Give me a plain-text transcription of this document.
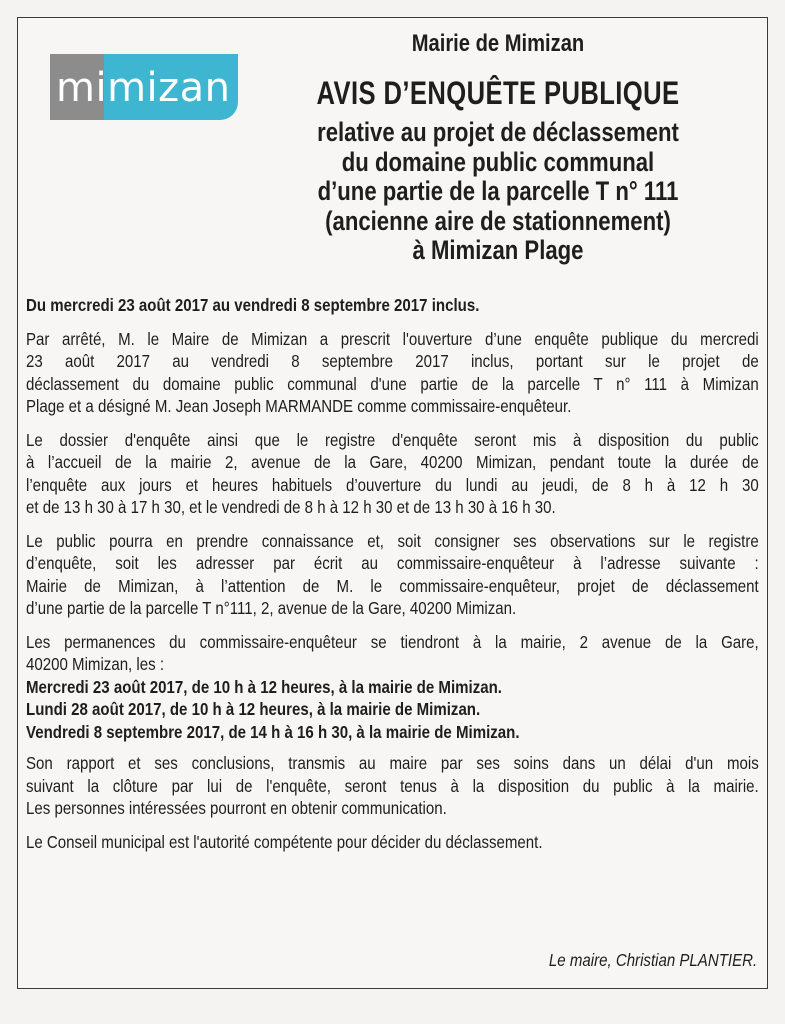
mimizan
Mairie de Mimizan
AVIS D’ENQUÊTE PUBLIQUE
relative au projet de déclassement
du domaine public communal
d’une partie de la parcelle T n° 111
(ancienne aire de stationnement)
à Mimizan Plage

Du mercredi 23 août 2017 au vendredi 8 septembre 2017 inclus.

Par arrêté, M. le Maire de Mimizan a prescrit l'ouverture d’une enquête publique du mercredi
23 août 2017 au vendredi 8 septembre 2017 inclus, portant sur le projet de
déclassement du domaine public communal d'une partie de la parcelle T n° 111 à Mimizan
Plage et a désigné M. Jean Joseph MARMANDE comme commissaire-enquêteur.

Le dossier d'enquête ainsi que le registre d'enquête seront mis à disposition du public
à l’accueil de la mairie 2, avenue de la Gare, 40200 Mimizan, pendant toute la durée de
l’enquête aux jours et heures habituels d’ouverture du lundi au jeudi, de 8 h à 12 h 30
et de 13 h 30 à 17 h 30, et le vendredi de 8 h à 12 h 30 et de 13 h 30 à 16 h 30.

Le public pourra en prendre connaissance et, soit consigner ses observations sur le registre
d’enquête, soit les adresser par écrit au commissaire-enquêteur à l’adresse suivante :
Mairie de Mimizan, à l’attention de M. le commissaire-enquêteur, projet de déclassement
d’une partie de la parcelle T n°111, 2, avenue de la Gare, 40200 Mimizan.

Les permanences du commissaire-enquêteur se tiendront à la mairie, 2 avenue de la Gare,
40200 Mimizan, les :
Mercredi 23 août 2017, de 10 h à 12 heures, à la mairie de Mimizan.
Lundi 28 août 2017, de 10 h à 12 heures, à la mairie de Mimizan.
Vendredi 8 septembre 2017, de 14 h à 16 h 30, à la mairie de Mimizan.

Son rapport et ses conclusions, transmis au maire par ses soins dans un délai d'un mois
suivant la clôture par lui de l'enquête, seront tenus à la disposition du public à la mairie.
Les personnes intéressées pourront en obtenir communication.

Le Conseil municipal est l'autorité compétente pour décider du déclassement.

Le maire, Christian PLANTIER.
